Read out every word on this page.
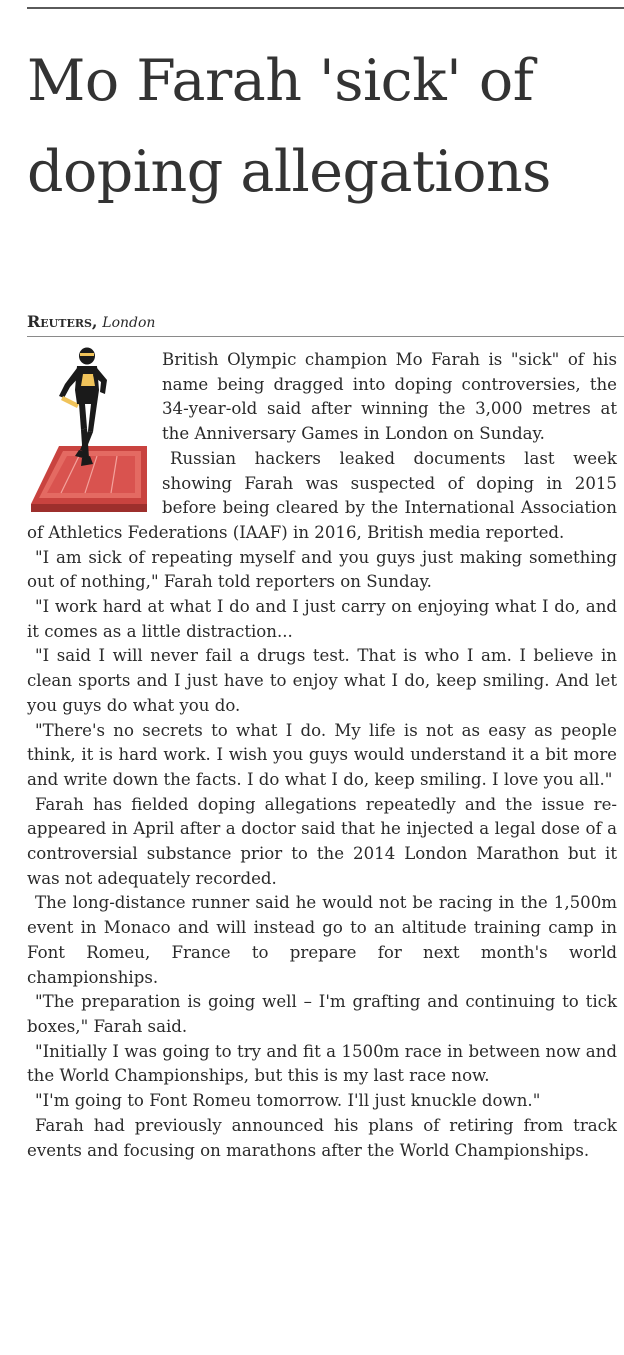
Mo Farah 'sick' of doping allegations
Reuters, London

British Olympic champion Mo Farah is "sick" of his name being dragged into doping controversies, the 34-year-old said after winning the 3,000 metres at the Anniversary Games in London on Sunday.

Russian hackers leaked documents last week showing Farah was suspected of doping in 2015 before being cleared by the International Association of Athletics Federations (IAAF) in 2016, British media reported.

"I am sick of repeating myself and you guys just making something out of nothing," Farah told reporters on Sunday.

"I work hard at what I do and I just carry on enjoying what I do, and it comes as a little distraction...

"I said I will never fail a drugs test. That is who I am. I believe in clean sports and I just have to enjoy what I do, keep smiling. And let you guys do what you do.

"There's no secrets to what I do. My life is not as easy as people think, it is hard work. I wish you guys would understand it a bit more and write down the facts. I do what I do, keep smiling. I love you all."

Farah has fielded doping allegations repeatedly and the issue re-appeared in April after a doctor said that he injected a legal dose of a controversial substance prior to the 2014 London Marathon but it was not adequately recorded.

The long-distance runner said he would not be racing in the 1,500m event in Monaco and will instead go to an altitude training camp in Font Romeu, France to prepare for next month's world championships.

"The preparation is going well – I'm grafting and continuing to tick boxes," Farah said.

"Initially I was going to try and fit a 1500m race in between now and the World Championships, but this is my last race now.

"I'm going to Font Romeu tomorrow. I'll just knuckle down."

Farah had previously announced his plans of retiring from track events and focusing on marathons after the World Championships.
